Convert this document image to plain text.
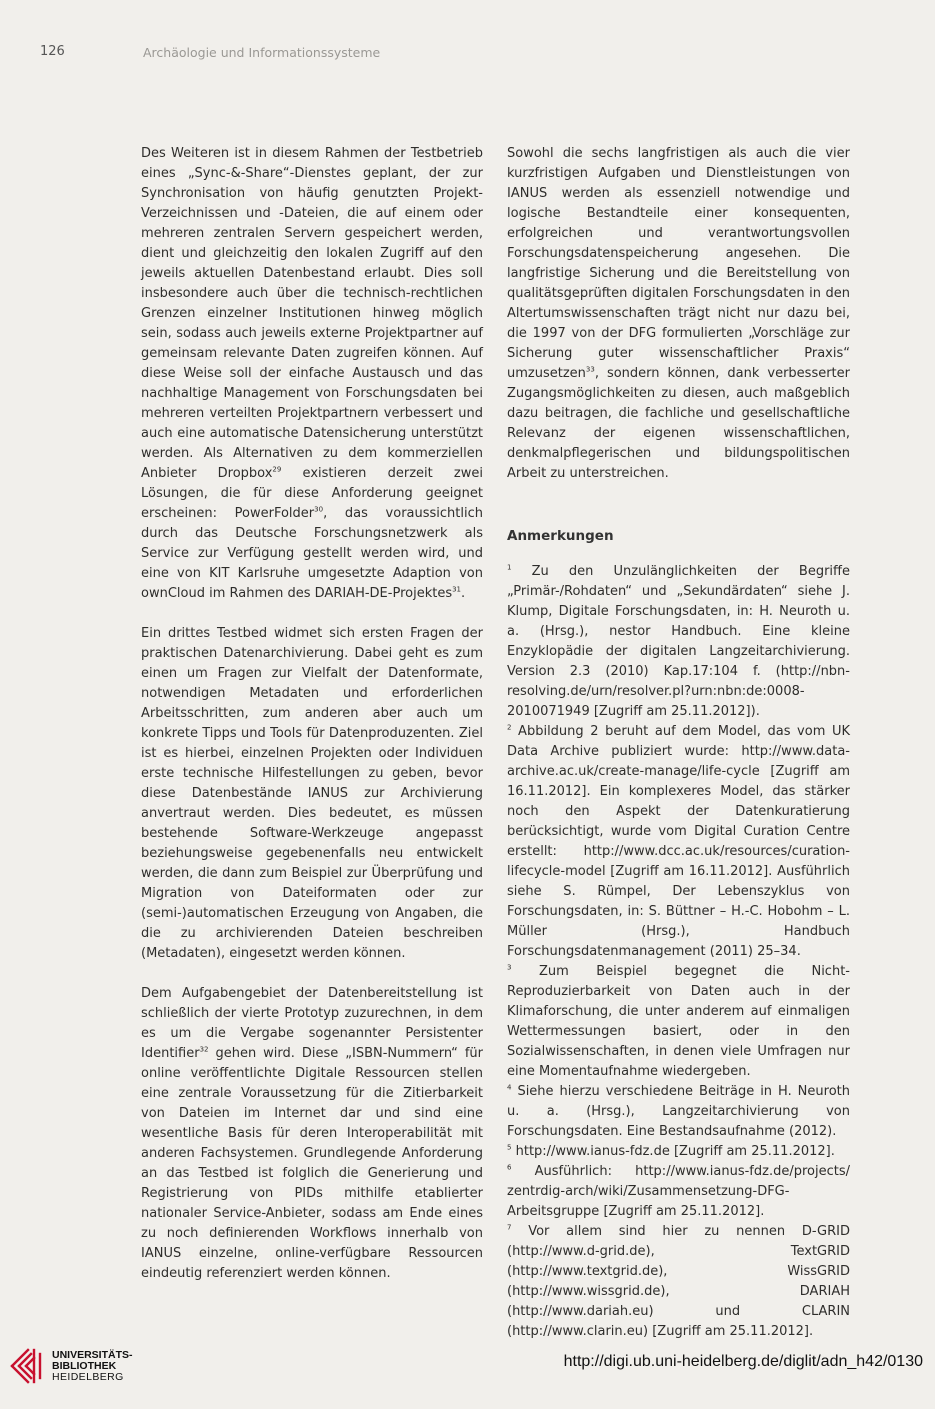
126	Archäologie und Informationssysteme

Des Weiteren ist in diesem Rahmen der Testbetrieb eines „Sync-&-Share“-Dienstes geplant, der zur Synchronisation von häufig genutzten Projekt-Verzeichnissen und -Dateien, die auf einem oder mehreren zentralen Servern gespeichert werden, dient und gleichzeitig den lokalen Zugriff auf den jeweils aktuellen Datenbestand erlaubt. Dies soll insbesondere auch über die technisch-rechtlichen Grenzen einzelner Institutionen hinweg möglich sein, sodass auch jeweils externe Projektpartner auf gemeinsam relevante Daten zugreifen können. Auf diese Weise soll der einfache Austausch und das nachhaltige Management von Forschungsdaten bei mehreren verteilten Projektpartnern verbessert und auch eine automatische Datensicherung unterstützt werden. Als Alternativen zu dem kommerziellen Anbieter Dropbox$^{29}$ existieren derzeit zwei Lösungen, die für diese Anforderung geeignet erscheinen: PowerFolder$^{30}$, das voraussichtlich durch das Deutsche Forschungsnetzwerk als Service zur Verfügung gestellt werden wird, und eine von KIT Karlsruhe umgesetzte Adaption von ownCloud im Rahmen des DARIAH-DE-Projektes$^{31}$.

Ein drittes Testbed widmet sich ersten Fragen der praktischen Datenarchivierung. Dabei geht es zum einen um Fragen zur Vielfalt der Datenformate, notwendigen Metadaten und erforderlichen Arbeitsschritten, zum anderen aber auch um konkrete Tipps und Tools für Datenproduzenten. Ziel ist es hierbei, einzelnen Projekten oder Individuen erste technische Hilfestellungen zu geben, bevor diese Datenbestände IANUS zur Archivierung anvertraut werden. Dies bedeutet, es müssen bestehende Software-Werkzeuge angepasst beziehungsweise gegebenenfalls neu entwickelt werden, die dann zum Beispiel zur Überprüfung und Migration von Dateiformaten oder zur (semi-)automatischen Erzeugung von Angaben, die die zu archivierenden Dateien beschreiben (Metadaten), eingesetzt werden können.

Dem Aufgabengebiet der Datenbereitstellung ist schließlich der vierte Prototyp zuzurechnen, in dem es um die Vergabe sogenannter Persistenter Identifier$^{32}$ gehen wird. Diese „ISBN-Nummern“ für online veröffentlichte Digitale Ressourcen stellen eine zentrale Voraussetzung für die Zitierbarkeit von Dateien im Internet dar und sind eine wesentliche Basis für deren Interoperabilität mit anderen Fachsystemen. Grundlegende Anforderung an das Testbed ist folglich die Generierung und Registrierung von PIDs mithilfe etablierter nationaler Service-Anbieter, sodass am Ende eines zu noch definierenden Workflows innerhalb von IANUS einzelne, online-verfügbare Ressourcen eindeutig referenziert werden können.

Sowohl die sechs langfristigen als auch die vier kurzfristigen Aufgaben und Dienstleistungen von IANUS werden als essenziell notwendige und logische Bestandteile einer konsequenten, erfolgreichen und verantwortungsvollen Forschungsdatenspeicherung angesehen. Die langfristige Sicherung und die Bereitstellung von qualitätsgeprüften digitalen Forschungsdaten in den Altertumswissenschaften trägt nicht nur dazu bei, die 1997 von der DFG formulierten „Vorschläge zur Sicherung guter wissenschaftlicher Praxis“ umzusetzen$^{33}$, sondern können, dank verbesserter Zugangsmöglichkeiten zu diesen, auch maßgeblich dazu beitragen, die fachliche und gesellschaftliche Relevanz der eigenen wissenschaftlichen, denkmalpflegerischen und bildungspolitischen Arbeit zu unterstreichen.

Anmerkungen

$^1$ Zu den Unzulänglichkeiten der Begriffe „Primär-/Rohdaten“ und „Sekundärdaten“ siehe J. Klump, Digitale Forschungsdaten, in: H. Neuroth u. a. (Hrsg.), nestor Handbuch. Eine kleine Enzyklopädie der digitalen Langzeitarchivierung. Version 2.3 (2010) Kap.17:104 f. (http://nbn-resolving.de/urn/resolver.pl?urn:nbn:de:0008-2010071949 [Zugriff am 25.11.2012]).

$^2$ Abbildung 2 beruht auf dem Model, das vom UK Data Archive publiziert wurde: http://www.data-archive.ac.uk/create-manage/life-cycle [Zugriff am 16.11.2012]. Ein komplexeres Model, das stärker noch den Aspekt der Datenkuratierung berücksichtigt, wurde vom Digital Curation Centre erstellt: http://www.dcc.ac.uk/resources/curation-lifecycle-model [Zugriff am 16.11.2012]. Ausführlich siehe S. Rümpel, Der Lebenszyklus von Forschungsdaten, in: S. Büttner – H.-C. Hobohm – L. Müller (Hrsg.), Handbuch Forschungsdatenmanagement (2011) 25–34.

$^3$ Zum Beispiel begegnet die Nicht-Reproduzierbarkeit von Daten auch in der Klimaforschung, die unter anderem auf einmaligen Wettermessungen basiert, oder in den Sozialwissenschaften, in denen viele Umfragen nur eine Momentaufnahme wiedergeben.

$^4$ Siehe hierzu verschiedene Beiträge in H. Neuroth u. a. (Hrsg.), Langzeitarchivierung von Forschungsdaten. Eine Bestandsaufnahme (2012).

$^5$ http://www.ianus-fdz.de [Zugriff am 25.11.2012].

$^6$ Ausführlich: http://www.ianus-fdz.de/projects/ zentrdig-arch/wiki/Zusammensetzung-DFG-Arbeitsgruppe [Zugriff am 25.11.2012].

$^7$ Vor allem sind hier zu nennen D-GRID (http://www.d-grid.de), TextGRID (http://www.textgrid.de), WissGRID (http://www.wissgrid.de), DARIAH (http://www.dariah.eu) und CLARIN (http://www.clarin.eu) [Zugriff am 25.11.2012].

UNIVERSITÄTS-
BIBLIOTHEK
HEIDELBERG
http://digi.ub.uni-heidelberg.de/diglit/adn_h42/0130
